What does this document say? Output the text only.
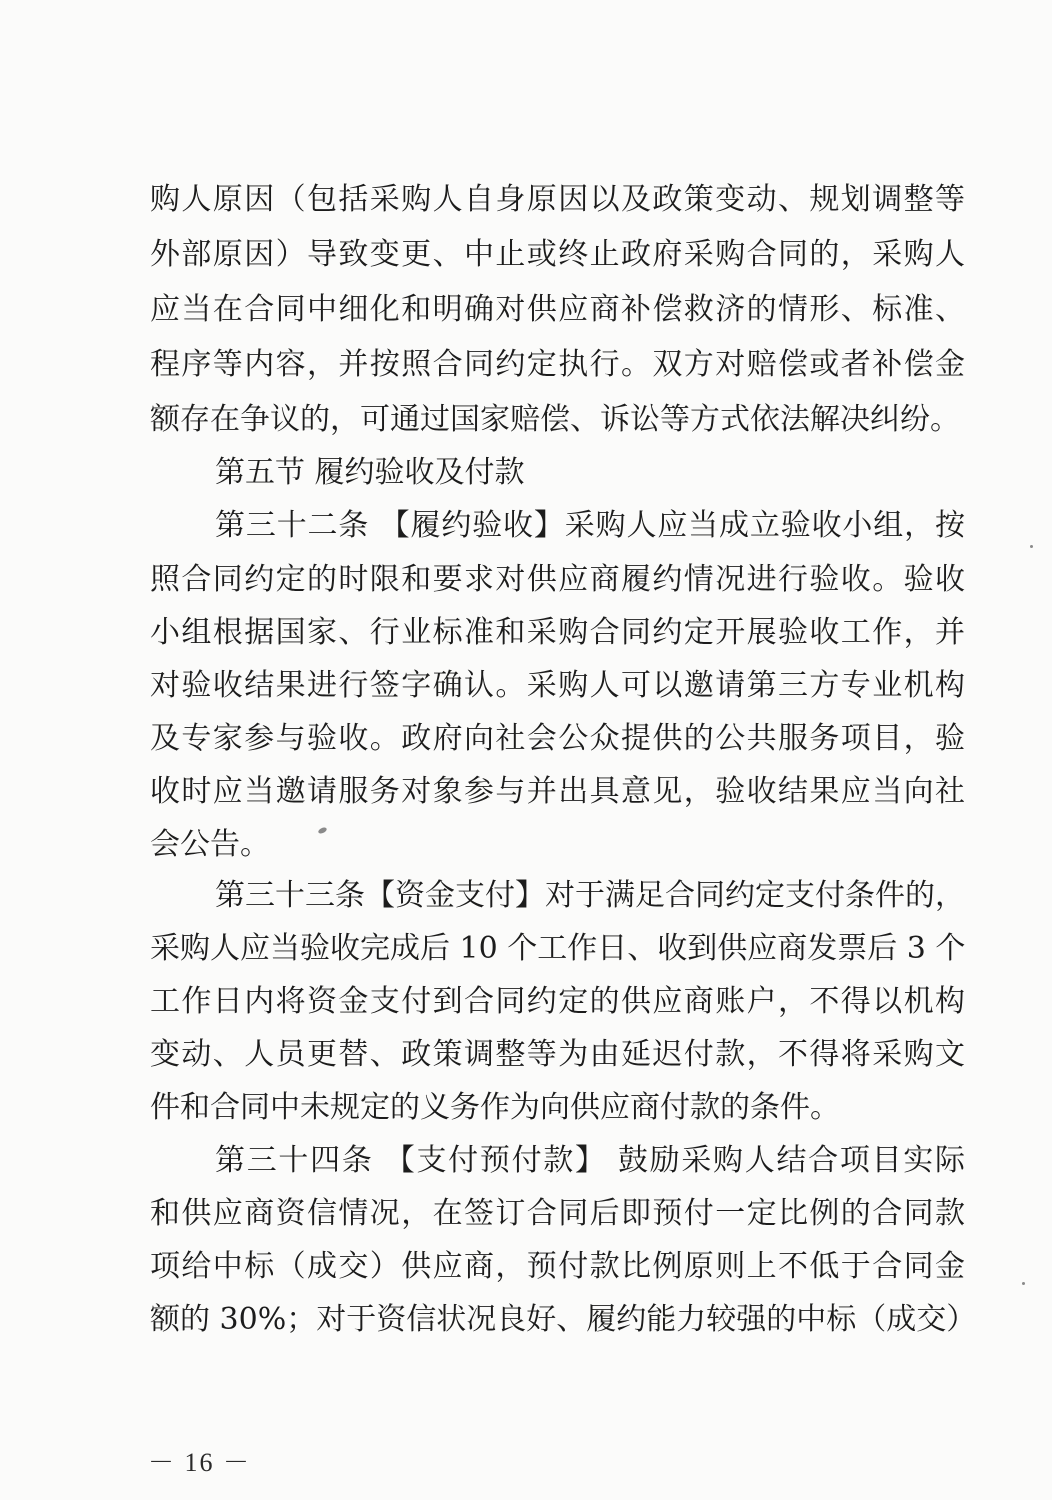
购人原因（包括采购人自身原因以及政策变动、规划调整等
外部原因）导致变更、中止或终止政府采购合同的，采购人
应当在合同中细化和明确对供应商补偿救济的情形、标准、
程序等内容，并按照合同约定执行。双方对赔偿或者补偿金
额存在争议的，可通过国家赔偿、诉讼等方式依法解决纠纷。
第五节 履约验收及付款
第三十二条 【履约验收】采购人应当成立验收小组，按
照合同约定的时限和要求对供应商履约情况进行验收。验收
小组根据国家、行业标准和采购合同约定开展验收工作，并
对验收结果进行签字确认。采购人可以邀请第三方专业机构
及专家参与验收。政府向社会公众提供的公共服务项目，验
收时应当邀请服务对象参与并出具意见，验收结果应当向社
会公告。
第三十三条【资金支付】对于满足合同约定支付条件的，
采购人应当验收完成后 10 个工作日、收到供应商发票后 3 个
工作日内将资金支付到合同约定的供应商账户，不得以机构
变动、人员更替、政策调整等为由延迟付款，不得将采购文
件和合同中未规定的义务作为向供应商付款的条件。
第三十四条 【支付预付款】 鼓励采购人结合项目实际
和供应商资信情况，在签订合同后即预付一定比例的合同款
项给中标（成交）供应商，预付款比例原则上不低于合同金
额的 30%；对于资信状况良好、履约能力较强的中标（成交）
－ 16 －
